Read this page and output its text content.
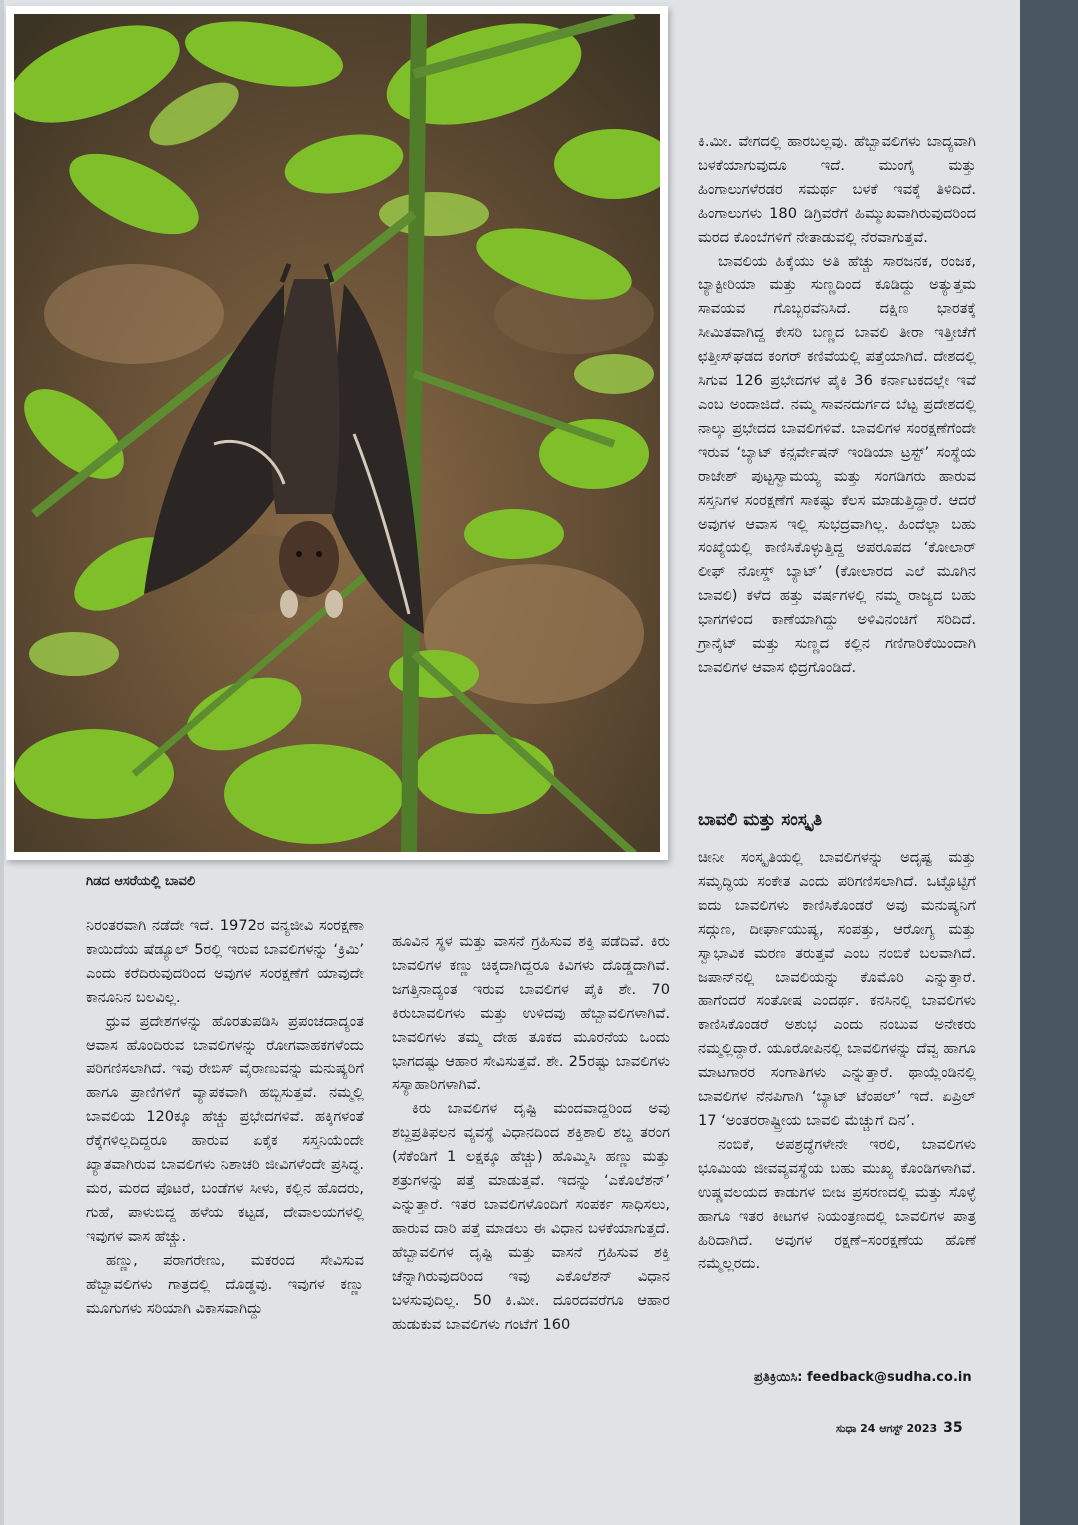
ಗಿಡದ ಆಸರೆಯಲ್ಲಿ ಬಾವಲಿ

ನಿರಂತರವಾಗಿ ನಡೆದೇ ಇದೆ. 1972ರ ವನ್ಯಜೀವಿ ಸಂರಕ್ಷಣಾ ಕಾಯಿದೆಯ ಷೆಡ್ಯೂಲ್ 5ರಲ್ಲಿ ಇರುವ ಬಾವಲಿಗಳನ್ನು ‘ಕ್ರಿಮಿ’ ಎಂದು ಕರೆದಿರುವುದರಿಂದ ಅವುಗಳ ಸಂರಕ್ಷಣೆಗೆ ಯಾವುದೇ ಕಾನೂನಿನ ಬಲವಿಲ್ಲ.

ಧ್ರುವ ಪ್ರದೇಶಗಳನ್ನು ಹೊರತುಪಡಿಸಿ ಪ್ರಪಂಚದಾದ್ಯಂತ ಆವಾಸ ಹೊಂದಿರುವ ಬಾವಲಿಗಳನ್ನು ರೋಗವಾಹಕಗಳೆಂದು ಪರಿಗಣಿಸಲಾಗಿದೆ. ಇವು ರೇಬಿಸ್ ವೈರಾಣುವನ್ನು ಮನುಷ್ಯರಿಗೆ ಹಾಗೂ ಪ್ರಾಣಿಗಳಿಗೆ ವ್ಯಾಪಕವಾಗಿ ಹಬ್ಬಿಸುತ್ತವೆ. ನಮ್ಮಲ್ಲಿ ಬಾವಲಿಯ 120ಕ್ಕೂ ಹೆಚ್ಚು ಪ್ರಭೇದಗಳಿವೆ. ಹಕ್ಕಿಗಳಂತೆ ರೆಕ್ಕೆಗಳಿಲ್ಲದಿದ್ದರೂ ಹಾರುವ ಏಕೈಕ ಸಸ್ತನಿಯೆಂದೇ ಖ್ಯಾತವಾಗಿರುವ ಬಾವಲಿಗಳು ನಿಶಾಚರಿ ಜೀವಿಗಳೆಂದೇ ಪ್ರಸಿದ್ಧ. ಮರ, ಮರದ ಪೊಟರೆ, ಬಂಡೆಗಳ ಸೀಳು, ಕಲ್ಲಿನ ಹೊದರು, ಗುಹೆ, ಪಾಳುಬಿದ್ದ ಹಳೆಯ ಕಟ್ಟಡ, ದೇವಾಲಯಗಳಲ್ಲಿ ಇವುಗಳ ವಾಸ ಹೆಚ್ಚು.

ಹಣ್ಣು, ಪರಾಗರೇಣು, ಮಕರಂದ ಸೇವಿಸುವ ಹೆಬ್ಬಾವಲಿಗಳು ಗಾತ್ರದಲ್ಲಿ ದೊಡ್ಡವು. ಇವುಗಳ ಕಣ್ಣು ಮೂಗುಗಳು ಸರಿಯಾಗಿ ವಿಕಾಸವಾಗಿದ್ದು

ಹೂವಿನ ಸ್ಥಳ ಮತ್ತು ವಾಸನೆ ಗ್ರಹಿಸುವ ಶಕ್ತಿ ಪಡೆದಿವೆ. ಕಿರು ಬಾವಲಿಗಳ ಕಣ್ಣು ಚಿಕ್ಕದಾಗಿದ್ದರೂ ಕಿವಿಗಳು ದೊಡ್ಡದಾಗಿವೆ. ಜಗತ್ತಿನಾದ್ಯಂತ ಇರುವ ಬಾವಲಿಗಳ ಪೈಕಿ ಶೇ. 70 ಕಿರುಬಾವಲಿಗಳು ಮತ್ತು ಉಳಿದವು ಹೆಬ್ಬಾವಲಿಗಳಾಗಿವೆ. ಬಾವಲಿಗಳು ತಮ್ಮ ದೇಹ ತೂಕದ ಮೂರನೆಯ ಒಂದು ಭಾಗದಷ್ಟು ಆಹಾರ ಸೇವಿಸುತ್ತವೆ. ಶೇ. 25ರಷ್ಟು ಬಾವಲಿಗಳು ಸಸ್ಯಾಹಾರಿಗಳಾಗಿವೆ.

ಕಿರು ಬಾವಲಿಗಳ ದೃಷ್ಟಿ ಮಂದವಾದ್ದರಿಂದ ಅವು ಶಬ್ದಪ್ರತಿಫಲನ ವ್ಯವಸ್ಥೆ ವಿಧಾನದಿಂದ ಶಕ್ತಿಶಾಲಿ ಶಬ್ದ ತರಂಗ (ಸೆಕೆಂಡಿಗೆ 1 ಲಕ್ಷಕ್ಕೂ ಹೆಚ್ಚು) ಹೊಮ್ಮಿಸಿ ಹಣ್ಣು ಮತ್ತು ಶತ್ರುಗಳನ್ನು ಪತ್ತೆ ಮಾಡುತ್ತವೆ. ಇದನ್ನು ‘ಎಕೊಲೆಶನ್’ ಎನ್ನುತ್ತಾರೆ. ಇತರ ಬಾವಲಿಗಳೊಂದಿಗೆ ಸಂಪರ್ಕ ಸಾಧಿಸಲು, ಹಾರುವ ದಾರಿ ಪತ್ತೆ ಮಾಡಲು ಈ ವಿಧಾನ ಬಳಕೆಯಾಗುತ್ತದೆ. ಹೆಬ್ಬಾವಲಿಗಳ ದೃಷ್ಟಿ ಮತ್ತು ವಾಸನೆ ಗ್ರಹಿಸುವ ಶಕ್ತಿ ಚೆನ್ನಾಗಿರುವುದರಿಂದ ಇವು ಎಕೊಲೆಶನ್ ವಿಧಾನ ಬಳಸುವುದಿಲ್ಲ. 50 ಕಿ.ಮೀ. ದೂರದವರೆಗೂ ಆಹಾರ ಹುಡುಕುವ ಬಾವಲಿಗಳು ಗಂಟೆಗೆ 160

ಕಿ.ಮೀ. ವೇಗದಲ್ಲಿ ಹಾರಬಲ್ಲವು. ಹೆಬ್ಬಾವಲಿಗಳು ಬಾದ್ಯವಾಗಿ ಬಳಕೆಯಾಗುವುದೂ ಇದೆ. ಮುಂಗೈ ಮತ್ತು ಹಿಂಗಾಲುಗಳೆರಡರ ಸಮರ್ಥ ಬಳಕೆ ಇವಕ್ಕೆ ತಿಳಿದಿದೆ. ಹಿಂಗಾಲುಗಳು 180 ಡಿಗ್ರಿವರೆಗೆ ಹಿಮ್ಮುಖವಾಗಿರುವುದರಿಂದ ಮರದ ಕೊಂಬೆಗಳಿಗೆ ನೇತಾಡುವಲ್ಲಿ ನೆರವಾಗುತ್ತವೆ.

ಬಾವಲಿಯ ಹಿಕ್ಕೆಯು ಅತಿ ಹೆಚ್ಚು ಸಾರಜನಕ, ರಂಜಕ, ಬ್ಯಾಕ್ಟೀರಿಯಾ ಮತ್ತು ಸುಣ್ಣದಿಂದ ಕೂಡಿದ್ದು ಅತ್ಯುತ್ತಮ ಸಾವಯವ ಗೊಬ್ಬರವೆನಿಸಿದೆ. ದಕ್ಷಿಣ ಭಾರತಕ್ಕೆ ಸೀಮಿತವಾಗಿದ್ದ ಕೇಸರಿ ಬಣ್ಣದ ಬಾವಲಿ ತೀರಾ ಇತ್ತೀಚೆಗೆ ಛತ್ತೀಸ್‌ಘಡದ ಕಂಗರ್ ಕಣಿವೆಯಲ್ಲಿ ಪತ್ತೆಯಾಗಿದೆ. ದೇಶದಲ್ಲಿ ಸಿಗುವ 126 ಪ್ರಭೇದಗಳ ಪೈಕಿ 36 ಕರ್ನಾಟಕದಲ್ಲೇ ಇವೆ ಎಂಬ ಅಂದಾಜಿದೆ. ನಮ್ಮ ಸಾವನದುರ್ಗದ ಬೆಟ್ಟ ಪ್ರದೇಶದಲ್ಲಿ ನಾಲ್ಕು ಪ್ರಭೇದದ ಬಾವಲಿಗಳಿವೆ. ಬಾವಲಿಗಳ ಸಂರಕ್ಷಣೆಗೆಂದೇ ಇರುವ ‘ಬ್ಯಾಟ್ ಕನ್ಸರ್ವೇಷನ್ ಇಂಡಿಯಾ ಟ್ರಸ್ಟ್’ ಸಂಸ್ಥೆಯ ರಾಜೇಶ್ ಪುಟ್ಟಸ್ವಾಮಯ್ಯ ಮತ್ತು ಸಂಗಡಿಗರು ಹಾರುವ ಸಸ್ತನಿಗಳ ಸಂರಕ್ಷಣೆಗೆ ಸಾಕಷ್ಟು ಕೆಲಸ ಮಾಡುತ್ತಿದ್ದಾರೆ. ಆದರೆ ಅವುಗಳ ಆವಾಸ ಇಲ್ಲಿ ಸುಭದ್ರವಾಗಿಲ್ಲ. ಹಿಂದೆಲ್ಲಾ ಬಹು ಸಂಖ್ಯೆಯಲ್ಲಿ ಕಾಣಿಸಿಕೊಳ್ಳುತ್ತಿದ್ದ ಅಪರೂಪದ ‘ಕೋಲಾರ್ ಲೀಫ್ ನೋಸ್ಡ್ ಬ್ಯಾಟ್’ (ಕೋಲಾರದ ಎಲೆ ಮೂಗಿನ ಬಾವಲಿ) ಕಳೆದ ಹತ್ತು ವರ್ಷಗಳಲ್ಲಿ ನಮ್ಮ ರಾಜ್ಯದ ಬಹು ಭಾಗಗಳಿಂದ ಕಾಣೆಯಾಗಿದ್ದು ಅಳಿವಿನಂಚಿಗೆ ಸರಿದಿದೆ. ಗ್ರಾನೈಟ್ ಮತ್ತು ಸುಣ್ಣದ ಕಲ್ಲಿನ ಗಣಿಗಾರಿಕೆಯಿಂದಾಗಿ ಬಾವಲಿಗಳ ಆವಾಸ ಛಿದ್ರಗೊಂಡಿದೆ.

ಬಾವಲಿ ಮತ್ತು ಸಂಸ್ಕೃತಿ

ಚೀನೀ ಸಂಸ್ಕೃತಿಯಲ್ಲಿ ಬಾವಲಿಗಳನ್ನು ಅದೃಷ್ಟ ಮತ್ತು ಸಮೃದ್ಧಿಯ ಸಂಕೇತ ಎಂದು ಪರಿಗಣಿಸಲಾಗಿದೆ. ಒಟ್ಟೊಟ್ಟಿಗೆ ಐದು ಬಾವಲಿಗಳು ಕಾಣಿಸಿಕೊಂಡರೆ ಅವು ಮನುಷ್ಯನಿಗೆ ಸದ್ಗುಣ, ದೀರ್ಘಾಯುಷ್ಯ, ಸಂಪತ್ತು, ಆರೋಗ್ಯ ಮತ್ತು ಸ್ವಾಭಾವಿಕ ಮರಣ ತರುತ್ತವೆ ಎಂಬ ನಂಬಿಕೆ ಬಲವಾಗಿದೆ. ಜಪಾನ್‌ನಲ್ಲಿ ಬಾವಲಿಯನ್ನು ಕೊಮೊರಿ ಎನ್ನುತ್ತಾರೆ. ಹಾಗೆಂದರೆ ಸಂತೋಷ ಎಂದರ್ಥ. ಕನಸಿನಲ್ಲಿ ಬಾವಲಿಗಳು ಕಾಣಿಸಿಕೊಂಡರೆ ಅಶುಭ ಎಂದು ನಂಬುವ ಅನೇಕರು ನಮ್ಮಲ್ಲಿದ್ದಾರೆ. ಯೂರೋಪಿನಲ್ಲಿ ಬಾವಲಿಗಳನ್ನು ದೆವ್ವ ಹಾಗೂ ಮಾಟಗಾರರ ಸಂಗಾತಿಗಳು ಎನ್ನುತ್ತಾರೆ. ಥಾಯ್ಲೆಂಡಿನಲ್ಲಿ ಬಾವಲಿಗಳ ನೆನಪಿಗಾಗಿ ‘ಬ್ಯಾಟ್ ಟೆಂಪಲ್’ ಇದೆ. ಏಪ್ರಿಲ್ 17 ‘ಅಂತರರಾಷ್ಟ್ರೀಯ ಬಾವಲಿ ಮೆಚ್ಚುಗೆ ದಿನ’.

ನಂಬಿಕೆ, ಅಪಶ್ರದ್ಧೆಗಳೇನೇ ಇರಲಿ, ಬಾವಲಿಗಳು ಭೂಮಿಯ ಜೀವವ್ಯವಸ್ಥೆಯ ಬಹು ಮುಖ್ಯ ಕೊಂಡಿಗಳಾಗಿವೆ. ಉಷ್ಣವಲಯದ ಕಾಡುಗಳ ಬೀಜ ಪ್ರಸರಣದಲ್ಲಿ ಮತ್ತು ಸೊಳ್ಳೆ ಹಾಗೂ ಇತರ ಕೀಟಗಳ ನಿಯಂತ್ರಣದಲ್ಲಿ ಬಾವಲಿಗಳ ಪಾತ್ರ ಹಿರಿದಾಗಿದೆ. ಅವುಗಳ ರಕ್ಷಣೆ–ಸಂರಕ್ಷಣೆಯ ಹೊಣೆ ನಮ್ಮೆಲ್ಲರದು.

ಪ್ರತಿಕ್ರಿಯಿಸಿ: feedback@sudha.co.in
ಸುಧಾ 24 ಆಗಸ್ಟ್ 2023 35
